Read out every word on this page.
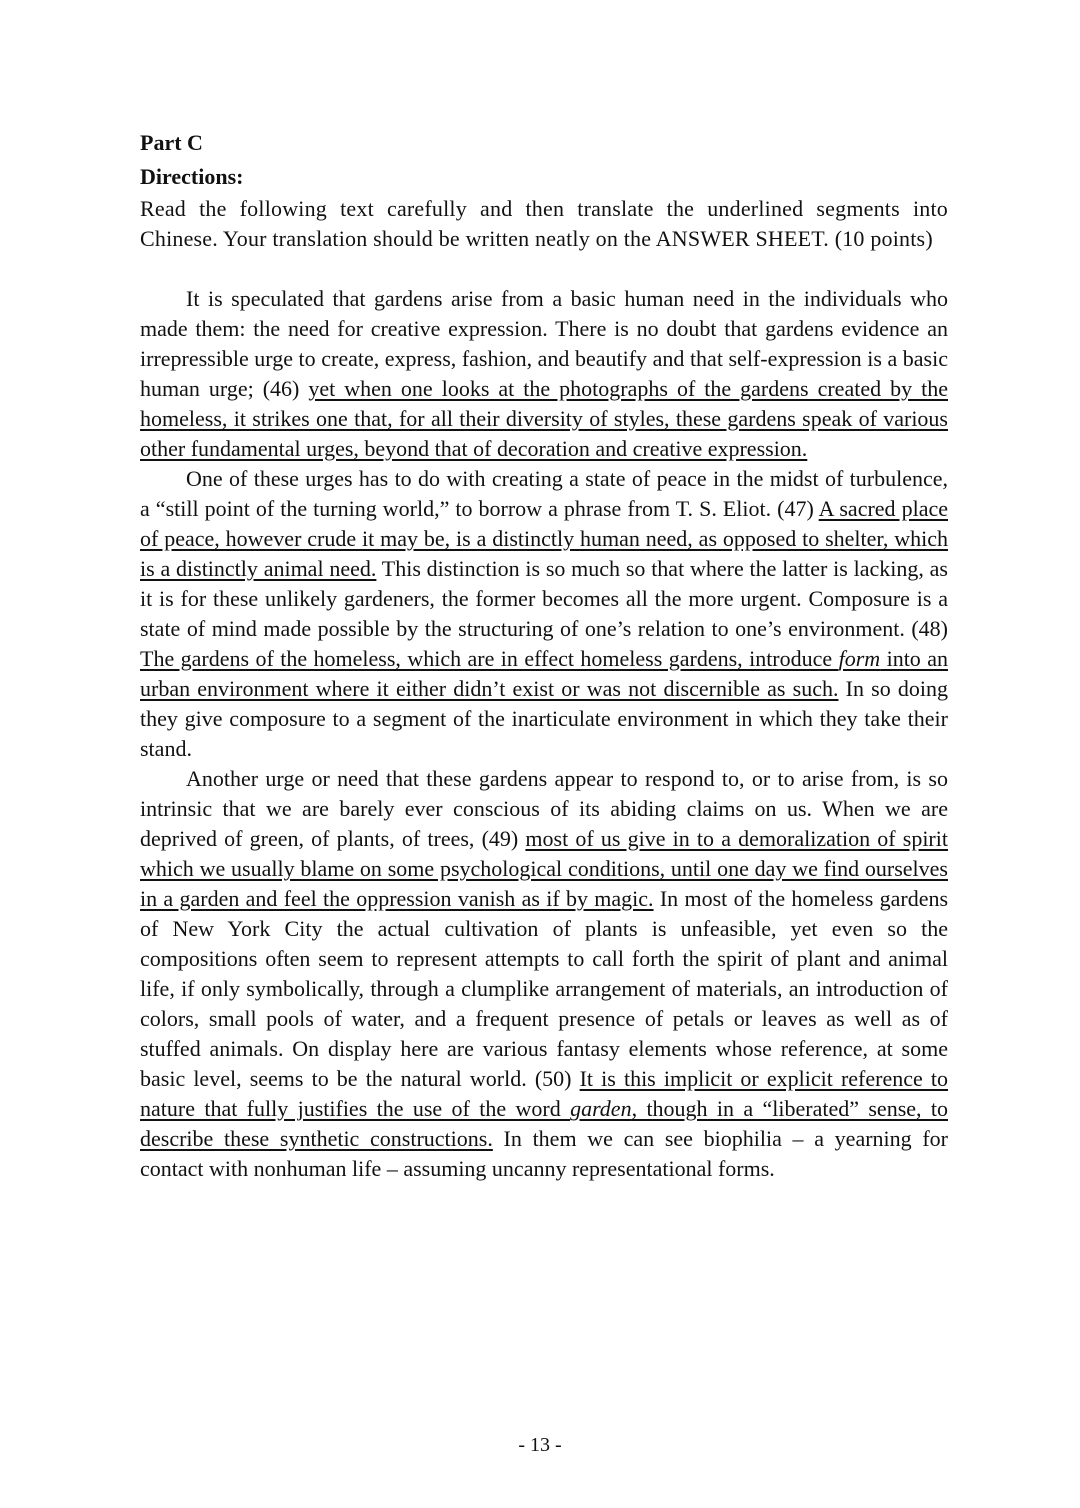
Part C

Directions:

Read the following text carefully and then translate the underlined segments into Chinese. Your translation should be written neatly on the ANSWER SHEET. (10 points)

It is speculated that gardens arise from a basic human need in the individuals who made them: the need for creative expression. There is no doubt that gardens evidence an irrepressible urge to create, express, fashion, and beautify and that self-expression is a basic human urge; (46) yet when one looks at the photographs of the gardens created by the homeless, it strikes one that, for all their diversity of styles, these gardens speak of various other fundamental urges, beyond that of decoration and creative expression.

One of these urges has to do with creating a state of peace in the midst of turbulence, a “still point of the turning world,” to borrow a phrase from T. S. Eliot. (47) A sacred place of peace, however crude it may be, is a distinctly human need, as opposed to shelter, which is a distinctly animal need. This distinction is so much so that where the latter is lacking, as it is for these unlikely gardeners, the former becomes all the more urgent. Composure is a state of mind made possible by the structuring of one’s relation to one’s environment. (48) The gardens of the homeless, which are in effect homeless gardens, introduce form into an urban environment where it either didn’t exist or was not discernible as such. In so doing they give composure to a segment of the inarticulate environment in which they take their stand.

Another urge or need that these gardens appear to respond to, or to arise from, is so intrinsic that we are barely ever conscious of its abiding claims on us. When we are deprived of green, of plants, of trees, (49) most of us give in to a demoralization of spirit which we usually blame on some psychological conditions, until one day we find ourselves in a garden and feel the oppression vanish as if by magic. In most of the homeless gardens of New York City the actual cultivation of plants is unfeasible, yet even so the compositions often seem to represent attempts to call forth the spirit of plant and animal life, if only symbolically, through a clumplike arrangement of materials, an introduction of colors, small pools of water, and a frequent presence of petals or leaves as well as of stuffed animals. On display here are various fantasy elements whose reference, at some basic level, seems to be the natural world. (50) It is this implicit or explicit reference to nature that fully justifies the use of the word garden, though in a “liberated” sense, to describe these synthetic constructions. In them we can see biophilia – a yearning for contact with nonhuman life – assuming uncanny representational forms.

- 13 -
